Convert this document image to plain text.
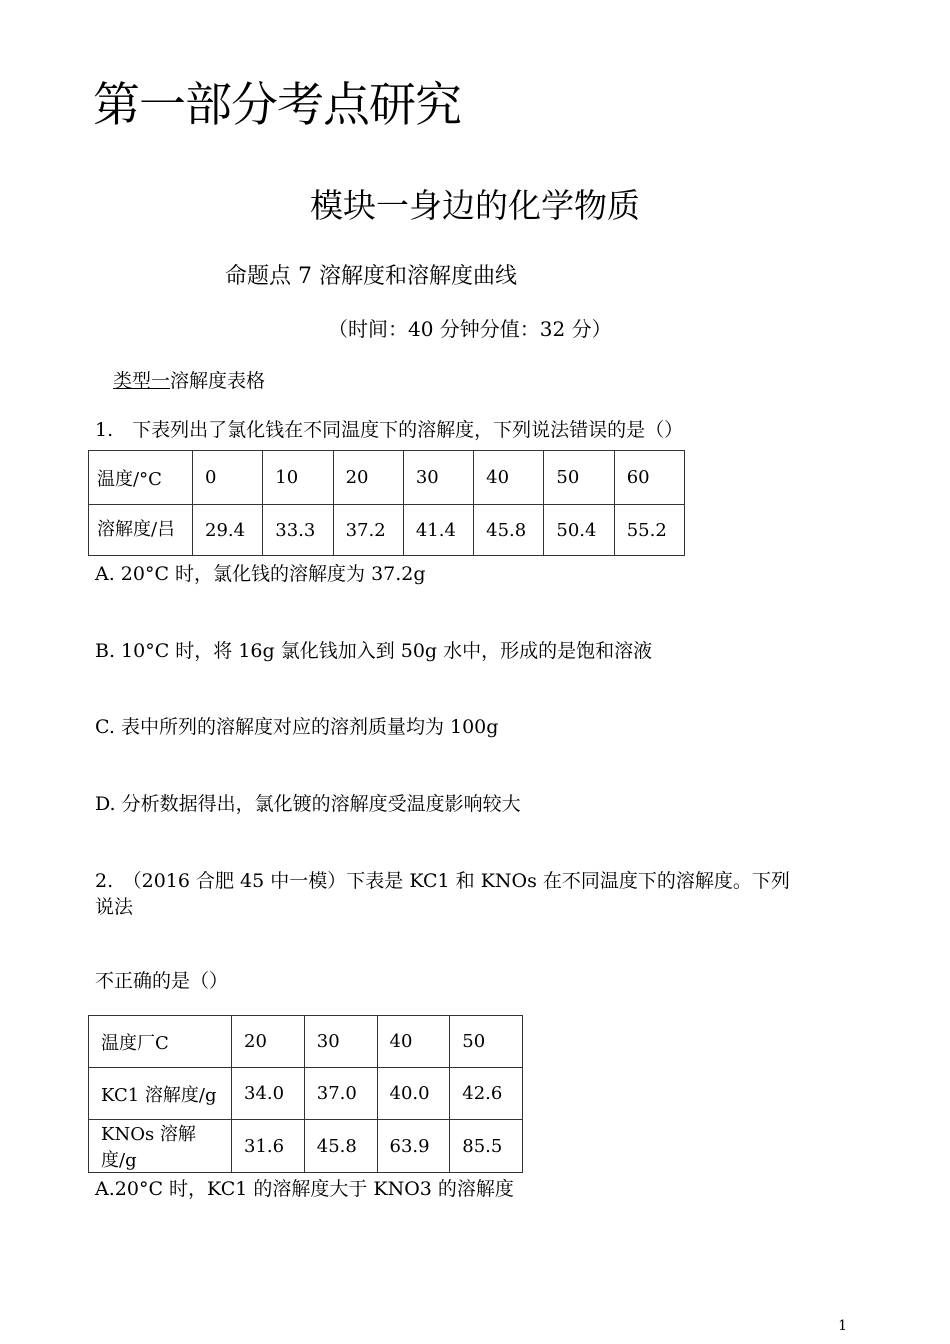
第一部分考点研究
模块一身边的化学物质
命题点 7 溶解度和溶解度曲线
（时间：40 分钟分值：32 分）
类型一溶解度表格
1.　下表列出了氯化钱在不同温度下的溶解度，下列说法错误的是（）
温度/°C	0	10	20	30	40	50	60
溶解度/吕	29.4	33.3	37.2	41.4	45.8	50.4	55.2
A. 20°C 时，氯化钱的溶解度为 37.2g
B. 10°C 时，将 16g 氯化钱加入到 50g 水中，形成的是饱和溶液
C. 表中所列的溶解度对应的溶剂质量均为 100g
D. 分析数据得出，氯化镀的溶解度受温度影响较大
2.　（2016 合肥 45 中一模）下表是 KC1 和 KNOs 在不同温度下的溶解度。下列
说法
不正确的是（）
温度厂C	20	30	40	50
KC1 溶解度/g	34.0	37.0	40.0	42.6
KNOs 溶解度/g	31.6	45.8	63.9	85.5
A.20°C 时，KC1 的溶解度大于 KNO3 的溶解度
1
